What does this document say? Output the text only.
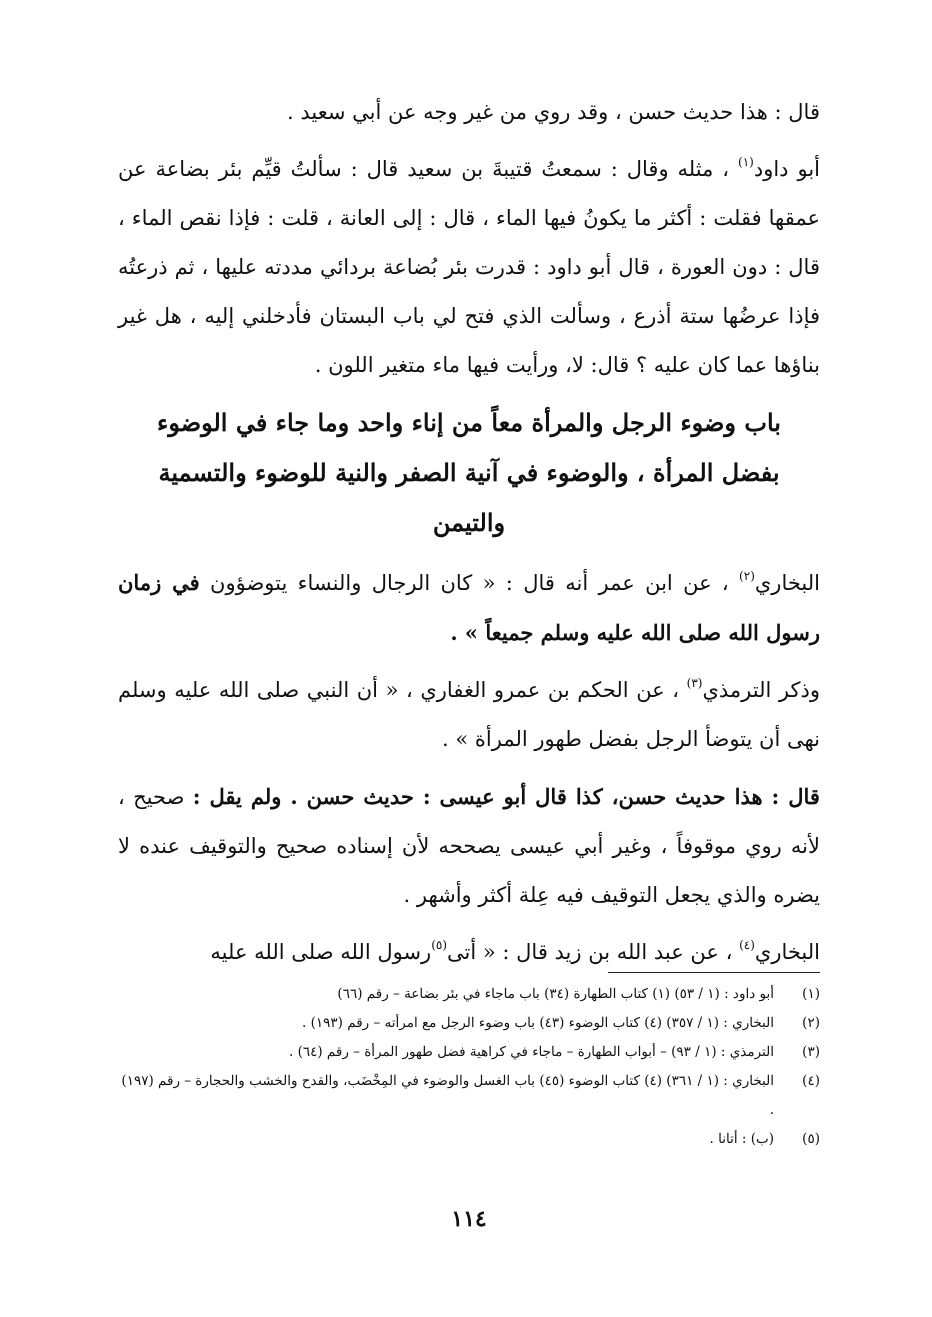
قال : هذا حديث حسن ، وقد روي من غير وجه عن أبي سعيد .

أبو داود$^{(١)}$ ، مثله وقال : سمعتُ قتيبةَ بن سعيد قال : سألتُ قيِّم بئر بضاعة عن عمقها فقلت : أكثر ما يكونُ فيها الماء ، قال : إلى العانة ، قلت : فإذا نقص الماء ، قال : دون العورة ، قال أبو داود : قدرت بئر بُضاعة بردائي مددته عليها ، ثم ذرعتُه فإذا عرضُها ستة أذرع ، وسألت الذي فتح لي باب البستان فأدخلني إليه ، هل غير بناؤها عما كان عليه ؟ قال: لا، ورأيت فيها ماء متغير اللون .

باب وضوء الرجل والمرأة معاً من إناء واحد وما جاء في الوضوء بفضل المرأة ، والوضوء في آنية الصفر والنية للوضوء والتسمية والتيمن

البخاري$^{(٢)}$ ، عن ابن عمر أنه قال : « كان الرجال والنساء يتوضؤون في زمان رسول الله صلى الله عليه وسلم جميعاً » .

وذكر الترمذي$^{(٣)}$ ، عن الحكم بن عمرو الغفاري ، « أن النبي صلى الله عليه وسلم نهى أن يتوضأ الرجل بفضل طهور المرأة » .

قال : هذا حديث حسن، كذا قال أبو عيسى : حديث حسن . ولم يقل : صحيح ، لأنه روي موقوفاً ، وغير أبي عيسى يصححه لأن إسناده صحيح والتوقيف عنده لا يضره والذي يجعل التوقيف فيه عِلة أكثر وأشهر .

البخاري$^{(٤)}$ ، عن عبد الله بن زيد قال : « أتى$^{(٥)}$رسول الله صلى الله عليه

(١)
أبو داود : (١ / ٥٣) (١) كتاب الطهارة (٣٤) باب ماجاء في بئر بضاعة – رقم (٦٦)
(٢)
البخاري : (١ / ٣٥٧) (٤) كتاب الوضوء (٤٣) باب وضوء الرجل مع امرأته – رقم (١٩٣) .
(٣)
الترمذي : (١ / ٩٣) – أبواب الطهارة – ماجاء في كراهية فضل طهور المرأة – رقم (٦٤) .
(٤)
البخاري : (١ / ٣٦١) (٤) كتاب الوضوء (٤٥) باب الغسل والوضوء في المِخْضَب، والقدح والخشب والحجارة – رقم (١٩٧) .
(٥)
(ب) : أتانا .
١١٤
